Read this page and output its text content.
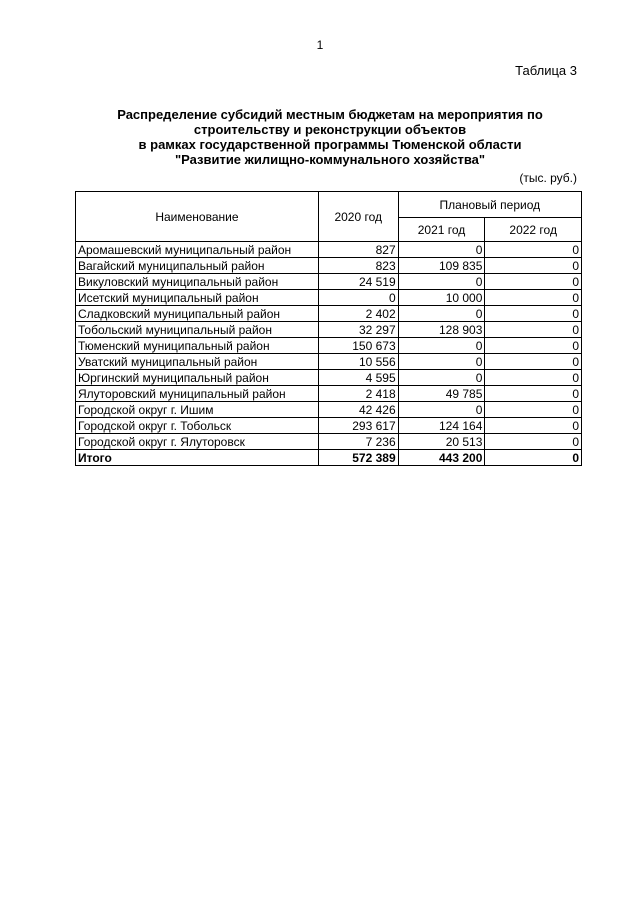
1
Таблица 3
Распределение субсидий местным бюджетам на мероприятия по
строительству и реконструкции объектов
в рамках государственной программы Тюменской области
"Развитие жилищно-коммунального хозяйства"
(тыс. руб.)
Наименование	2020 год	Плановый период	
		2021 год	2022 год
Аромашевский муниципальный район	827	0	0
Вагайский муниципальный район	823	109 835	0
Викуловский муниципальный район	24 519	0	0
Исетский муниципальный район	0	10 000	0
Сладковский муниципальный район	2 402	0	0
Тобольский муниципальный район	32 297	128 903	0
Тюменский муниципальный район	150 673	0	0
Уватский муниципальный район	10 556	0	0
Юргинский муниципальный район	4 595	0	0
Ялуторовский муниципальный район	2 418	49 785	0
Городской округ г. Ишим	42 426	0	0
Городской округ г. Тобольск	293 617	124 164	0
Городской округ г. Ялуторовск	7 236	20 513	0
Итого	572 389	443 200	0
